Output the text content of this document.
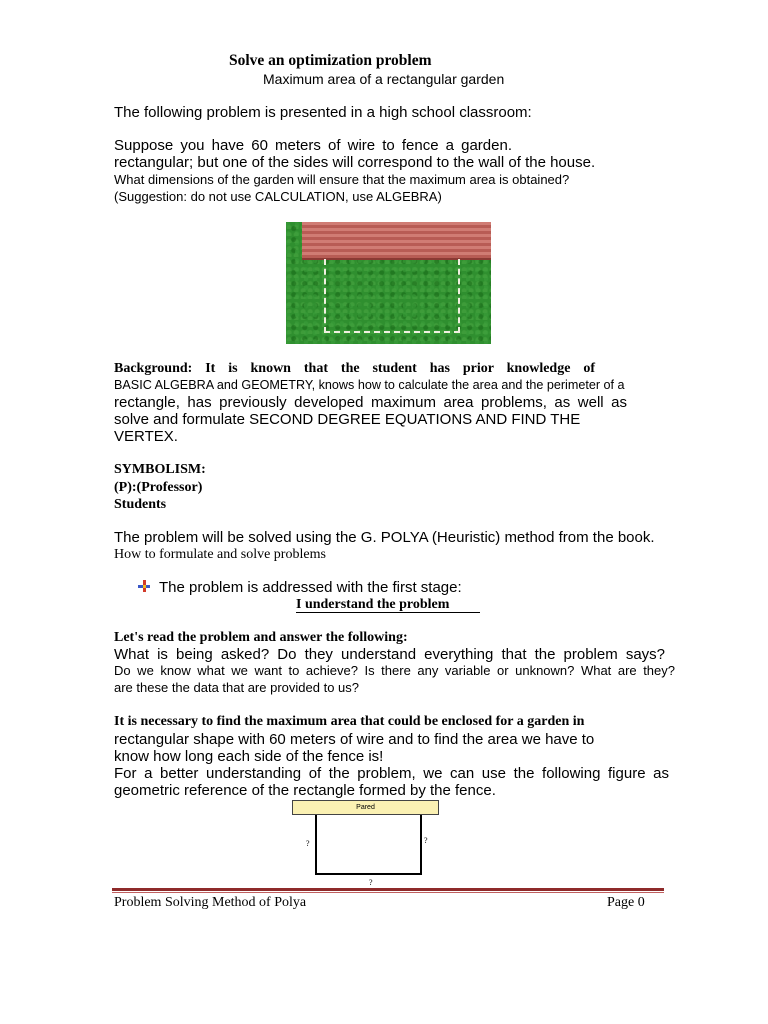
Solve an optimization problem
Maximum area of a rectangular garden
The following problem is presented in a high school classroom:
Suppose you have 60 meters of wire to fence a garden.
rectangular; but one of the sides will correspond to the wall of the house.
What dimensions of the garden will ensure that the maximum area is obtained?
(Suggestion: do not use CALCULATION, use ALGEBRA)
Background: It is known that the student has prior knowledge of
BASIC ALGEBRA and GEOMETRY, knows how to calculate the area and the perimeter of a
rectangle, has previously developed maximum area problems, as well as
solve and formulate SECOND DEGREE EQUATIONS AND FIND THE
VERTEX.
SYMBOLISM:
(P):(Professor)
Students
The problem will be solved using the G. POLYA (Heuristic) method from the book.
How to formulate and solve problems
The problem is addressed with the first stage:
I understand the problem
Let's read the problem and answer the following:
What is being asked? Do they understand everything that the problem says?
Do we know what we want to achieve? Is there any variable or unknown? What are they?
are these the data that are provided to us?
It is necessary to find the maximum area that could be enclosed for a garden in
rectangular shape with 60 meters of wire and to find the area we have to
know how long each side of the fence is!
For a better understanding of the problem, we can use the following figure as
geometric reference of the rectangle formed by the fence.
Pared
?	?
?
Problem Solving Method of Polya	Page 0
